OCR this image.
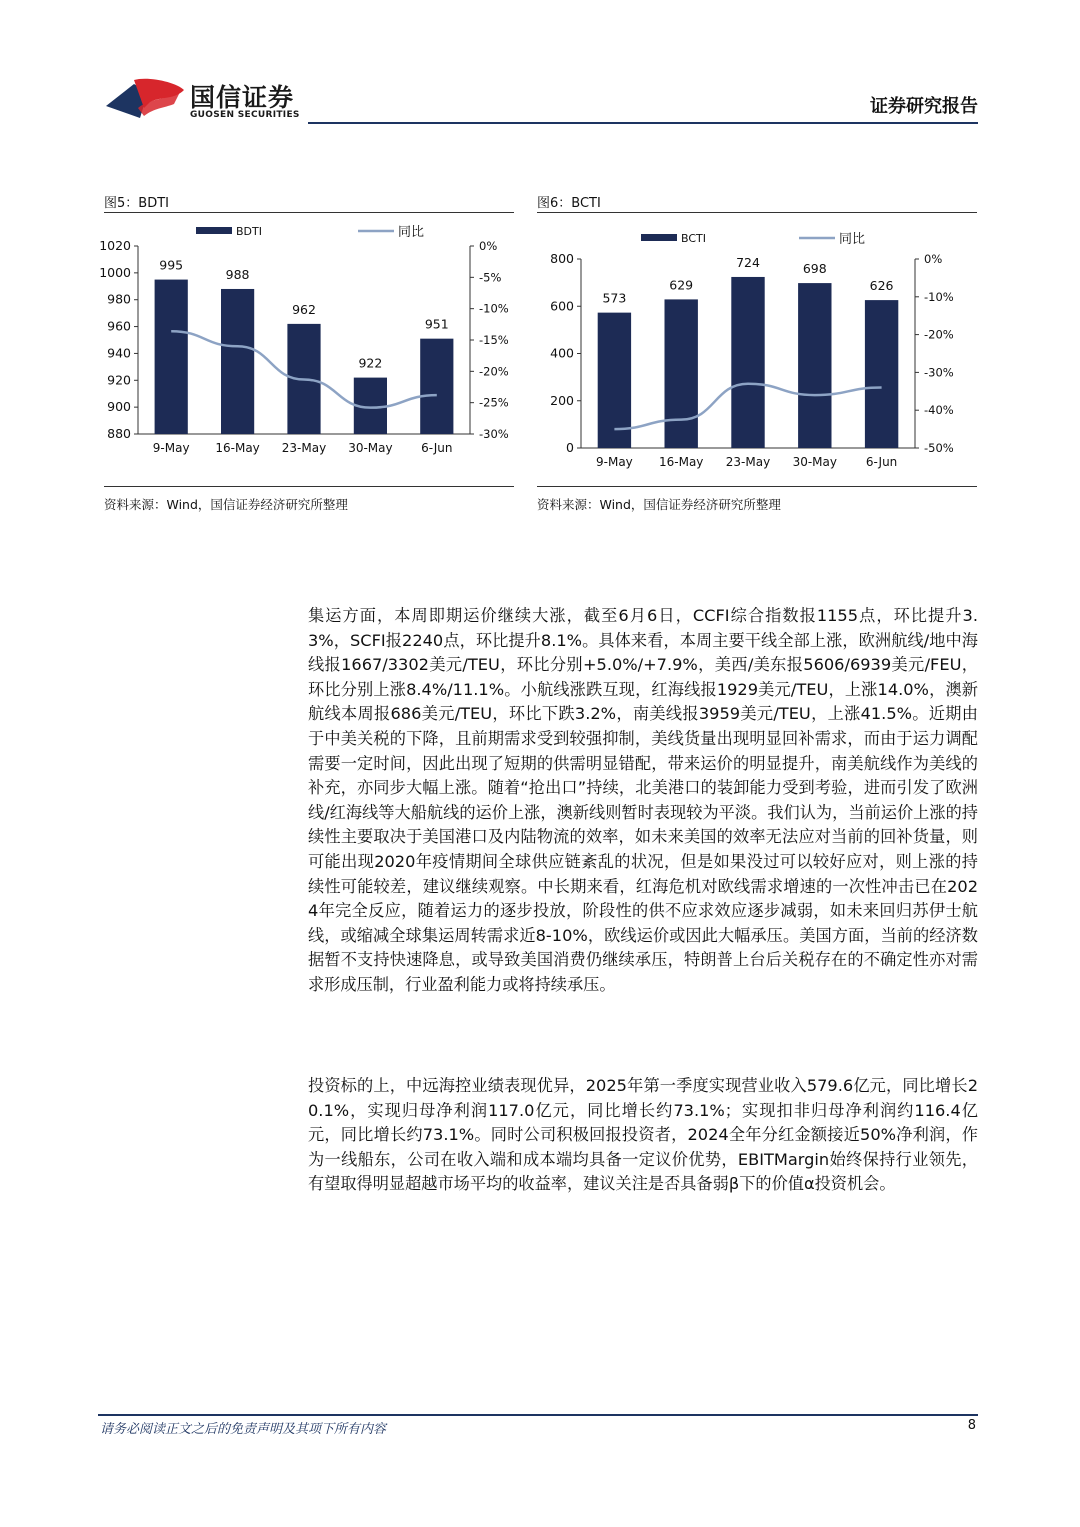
国信证券
GUOSEN SECURITIES	证券研究报告
图5：BDTI
BDTI	同比
880
900
920
940
960
980
1000
1020	0%
-5%
-10%
-15%
-20%
-25%
-30%
995
9-May
988
16-May
962
23-May
922
30-May
951
6-Jun
资料来源：Wind，国信证券经济研究所整理
图6：BCTI
BCTI	同比
0
200
400
600
800	0%
-10%
-20%
-30%
-40%
-50%
573
9-May
629
16-May
724
23-May
698
30-May
626
6-Jun
资料来源：Wind，国信证券经济研究所整理

集运方面，本周即期运价继续大涨，截至6月6日，CCFI综合指数报1155点，环比提升3.3%，SCFI报2240点，环比提升8.1%。具体来看，本周主要干线全部上涨，欧洲航线/地中海线报1667/3302美元/TEU，环比分别+5.0%/+7.9%，美西/美东报5606/6939美元/FEU，环比分别上涨8.4%/11.1%。小航线涨跌互现，红海线报1929美元/TEU，上涨14.0%，澳新航线本周报686美元/TEU，环比下跌3.2%，南美线报3959美元/TEU，上涨41.5%。近期由于中美关税的下降，且前期需求受到较强抑制，美线货量出现明显回补需求，而由于运力调配需要一定时间，因此出现了短期的供需明显错配，带来运价的明显提升，南美航线作为美线的补充，亦同步大幅上涨。随着“抢出口”持续，北美港口的装卸能力受到考验，进而引发了欧洲线/红海线等大船航线的运价上涨，澳新线则暂时表现较为平淡。我们认为，当前运价上涨的持续性主要取决于美国港口及内陆物流的效率，如未来美国的效率无法应对当前的回补货量，则可能出现2020年疫情期间全球供应链紊乱的状况，但是如果没过可以较好应对，则上涨的持续性可能较差，建议继续观察。中长期来看，红海危机对欧线需求增速的一次性冲击已在2024年完全反应，随着运力的逐步投放，阶段性的供不应求效应逐步减弱，如未来回归苏伊士航线，或缩减全球集运周转需求近8-10%，欧线运价或因此大幅承压。美国方面，当前的经济数据暂不支持快速降息，或导致美国消费仍继续承压，特朗普上台后关税存在的不确定性亦对需求形成压制，行业盈利能力或将持续承压。

投资标的上，中远海控业绩表现优异，2025年第一季度实现营业收入579.6亿元，同比增长20.1%，实现归母净利润117.0亿元，同比增长约73.1%；实现扣非归母净利润约116.4亿元，同比增长约73.1%。同时公司积极回报投资者，2024全年分红金额接近50%净利润，作为一线船东，公司在收入端和成本端均具备一定议价优势，EBITMargin始终保持行业领先，有望取得明显超越市场平均的收益率，建议关注是否具备弱β下的价值α投资机会。

请务必阅读正文之后的免责声明及其项下所有内容	8
